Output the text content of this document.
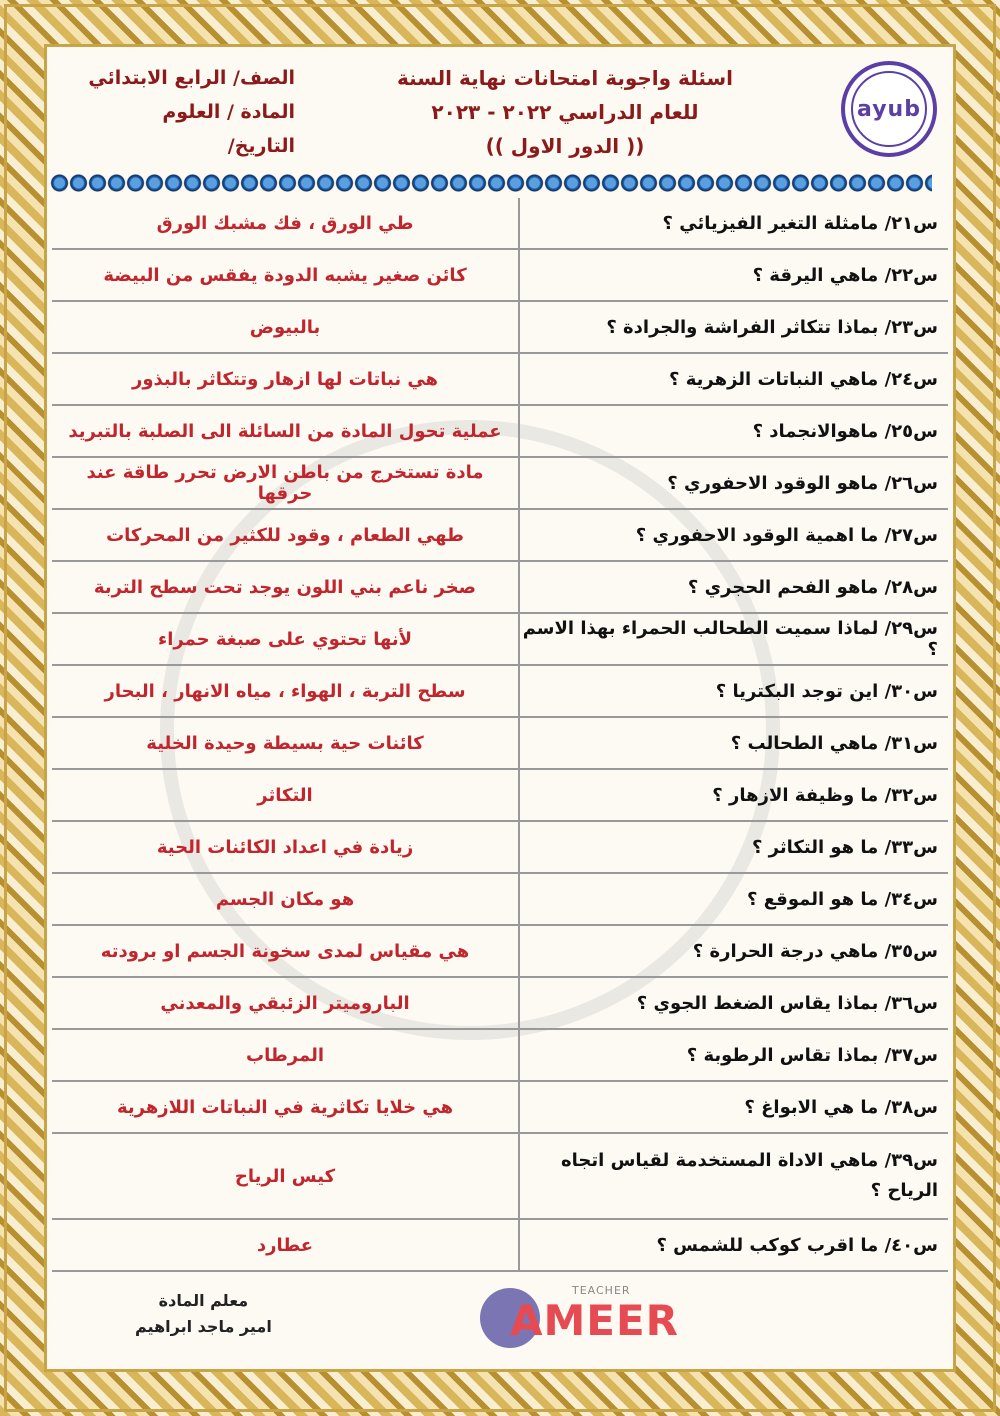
ayub
اسئلة واجوبة امتحانات نهاية السنة
للعام الدراسي ٢٠٢٢ - ٢٠٢٣
(( الدور الاول ))
الصف/ الرابع الابتدائي
المادة / العلوم
التاريخ/
س٢١/ مامثلة التغير الفيزيائي ؟
طي الورق ، فك مشبك الورق
س٢٢/ ماهي اليرقة ؟
كائن صغير يشبه الدودة يفقس من البيضة
س٢٣/ بماذا تتكاثر الفراشة والجرادة ؟
بالبيوض
س٢٤/ ماهي النباتات الزهرية ؟
هي نباتات لها ازهار وتتكاثر بالبذور
س٢٥/ ماهوالانجماد ؟
عملية تحول المادة من السائلة الى الصلبة بالتبريد
س٢٦/ ماهو الوقود الاحفوري ؟
مادة تستخرج من باطن الارض تحرر طاقة عند حرقها
س٢٧/ ما اهمية الوقود الاحفوري ؟
طهي الطعام ، وقود للكثير من المحركات
س٢٨/ ماهو الفحم الحجري ؟
صخر ناعم بني اللون يوجد تحت سطح التربة
س٢٩/ لماذا سميت الطحالب الحمراء بهذا الاسم ؟
لأنها تحتوي على صبغة حمراء
س٣٠/ اين توجد البكتريا ؟
سطح التربة ، الهواء ، مياه الانهار ، البحار
س٣١/ ماهي الطحالب ؟
كائنات حية بسيطة وحيدة الخلية
س٣٢/ ما وظيفة الازهار ؟
التكاثر
س٣٣/ ما هو التكاثر ؟
زيادة في اعداد الكائنات الحية
س٣٤/ ما هو الموقع ؟
هو مكان الجسم
س٣٥/ ماهي درجة الحرارة ؟
هي مقياس لمدى سخونة الجسم او برودته
س٣٦/ بماذا يقاس الضغط الجوي ؟
الباروميتر الزئبقي والمعدني
س٣٧/ بماذا تقاس الرطوبة ؟
المرطاب
س٣٨/ ما هي الابواغ ؟
هي خلايا تكاثرية في النباتات اللازهرية
س٣٩/ ماهي الاداة المستخدمة لقياس اتجاه الرياح ؟
كيس الرياح
س٤٠/ ما اقرب كوكب للشمس ؟
عطارد
TEACHER
AMEER
معلم المادة
امير ماجد ابراهيم
